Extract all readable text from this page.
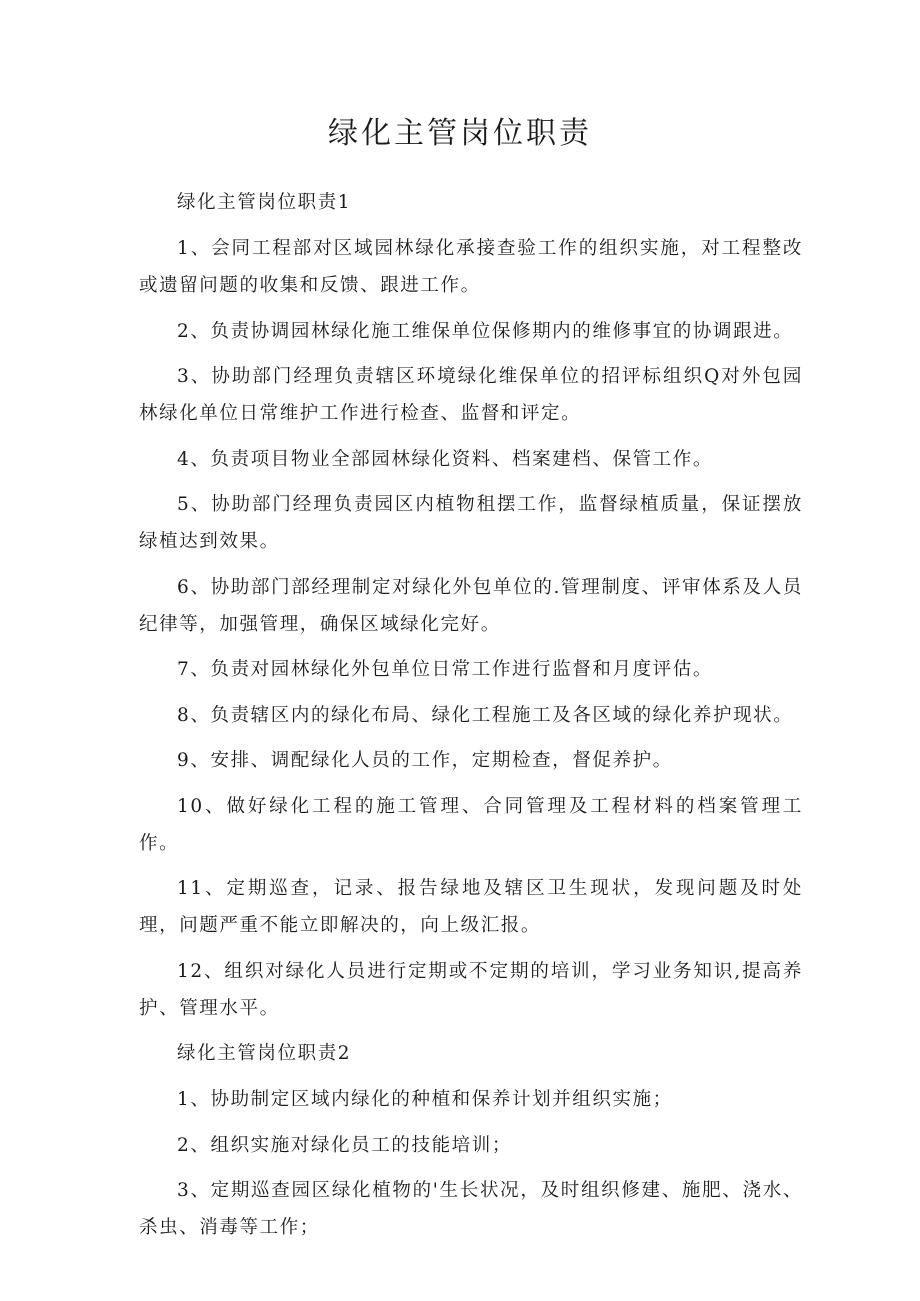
绿化主管岗位职责

绿化主管岗位职责1

1、会同工程部对区域园林绿化承接查验工作的组织实施，对工程整改或遗留问题的收集和反馈、跟进工作。

2、负责协调园林绿化施工维保单位保修期内的维修事宜的协调跟进。

3、协助部门经理负责辖区环境绿化维保单位的招评标组织Q对外包园林绿化单位日常维护工作进行检查、监督和评定。

4、负责项目物业全部园林绿化资料、档案建档、保管工作。

5、协助部门经理负责园区内植物租摆工作，监督绿植质量，保证摆放绿植达到效果。

6、协助部门部经理制定对绿化外包单位的.管理制度、评审体系及人员纪律等，加强管理，确保区域绿化完好。

7、负责对园林绿化外包单位日常工作进行监督和月度评估。

8、负责辖区内的绿化布局、绿化工程施工及各区域的绿化养护现状。

9、安排、调配绿化人员的工作，定期检查，督促养护。

10、做好绿化工程的施工管理、合同管理及工程材料的档案管理工作。

11、定期巡查，记录、报告绿地及辖区卫生现状，发现问题及时处理，问题严重不能立即解决的，向上级汇报。

12、组织对绿化人员进行定期或不定期的培训，学习业务知识,提高养护、管理水平。

绿化主管岗位职责2

1、协助制定区域内绿化的种植和保养计划并组织实施；

2、组织实施对绿化员工的技能培训；

3、定期巡查园区绿化植物的'生长状况，及时组织修建、施肥、浇水、杀虫、消毒等工作；
